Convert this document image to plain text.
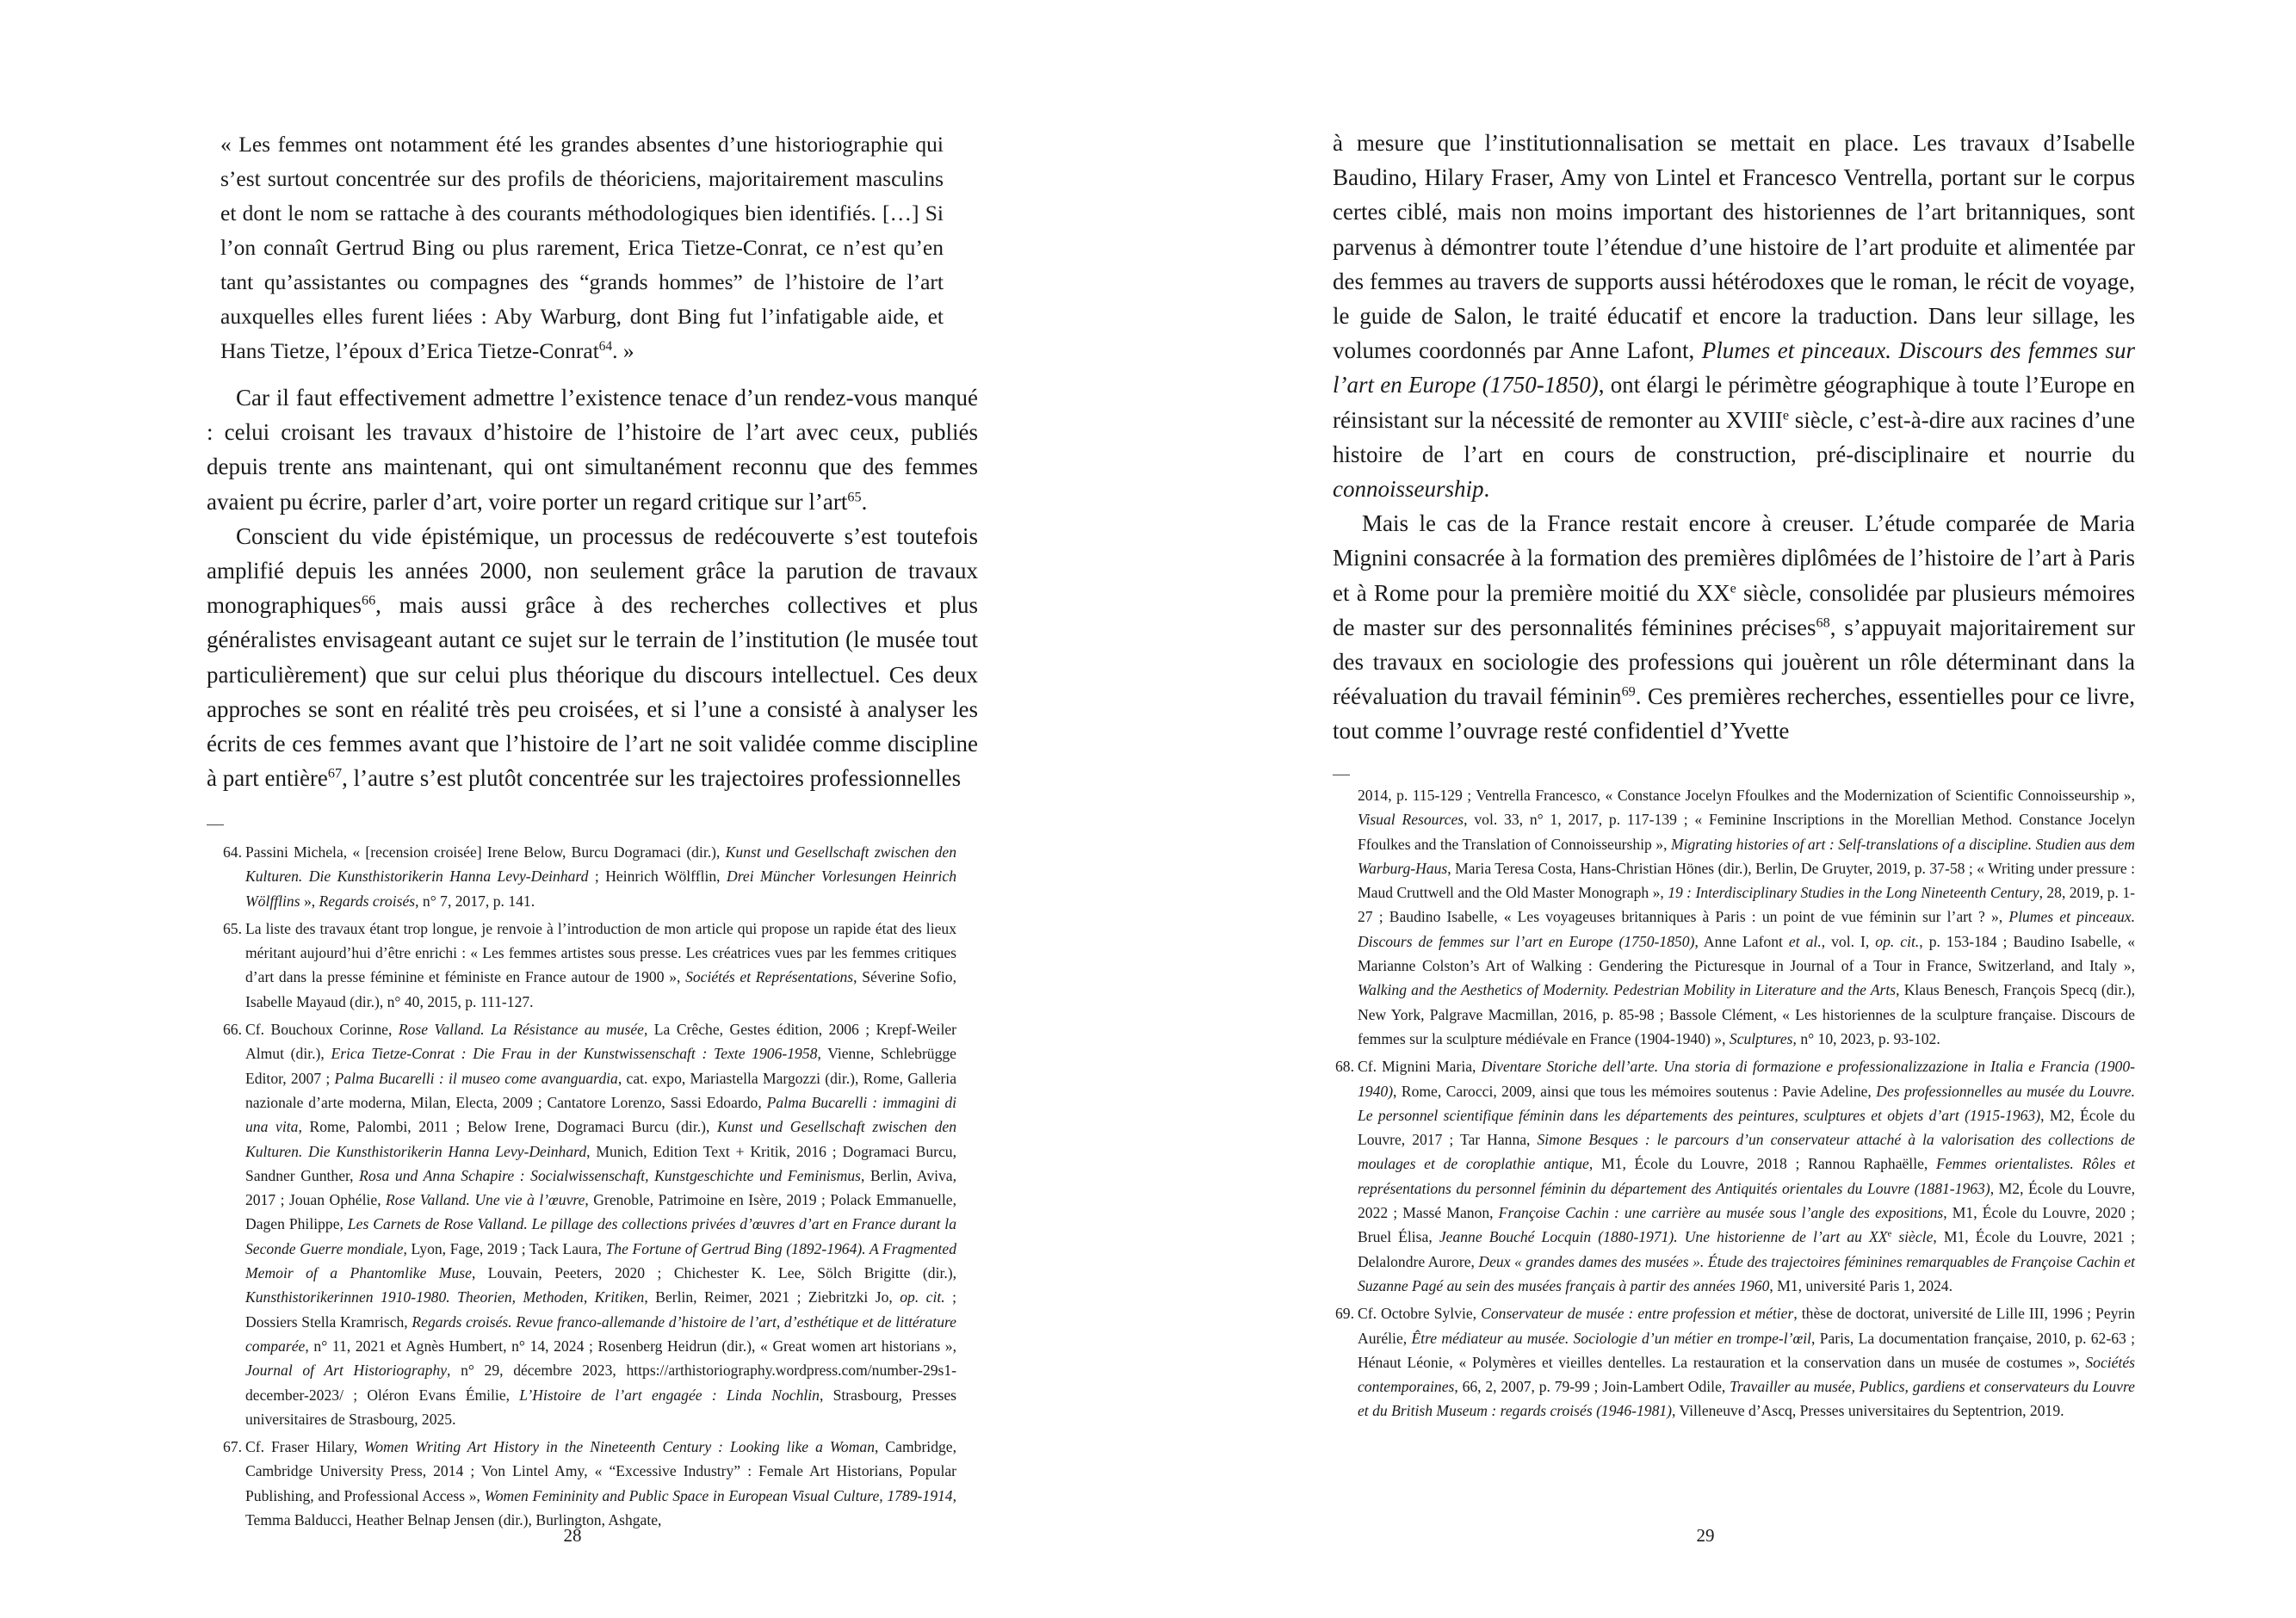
« Les femmes ont notamment été les grandes absentes d’une historiographie qui s’est surtout concentrée sur des profils de théoriciens, majoritairement masculins et dont le nom se rattache à des courants méthodologiques bien identifiés. […] Si l’on connaît Gertrud Bing ou plus rarement, Erica Tietze-Conrat, ce n’est qu’en tant qu’assistantes ou compagnes des “grands hommes” de l’histoire de l’art auxquelles elles furent liées : Aby Warburg, dont Bing fut l’infatigable aide, et Hans Tietze, l’époux d’Erica Tietze-Conrat$^{64}$. »

Car il faut effectivement admettre l’existence tenace d’un rendez-vous manqué : celui croisant les travaux d’histoire de l’histoire de l’art avec ceux, publiés depuis trente ans maintenant, qui ont simultanément reconnu que des femmes avaient pu écrire, parler d’art, voire porter un regard critique sur l’art$^{65}$.

Conscient du vide épistémique, un processus de redécouverte s’est toutefois amplifié depuis les années 2000, non seulement grâce la parution de travaux monographiques$^{66}$, mais aussi grâce à des recherches collectives et plus généralistes envisageant autant ce sujet sur le terrain de l’institution (le musée tout particulièrement) que sur celui plus théorique du discours intellectuel. Ces deux approches se sont en réalité très peu croisées, et si l’une a consisté à analyser les écrits de ces femmes avant que l’histoire de l’art ne soit validée comme discipline à part entière$^{67}$, l’autre s’est plutôt concentrée sur les trajectoires professionnelles

64. Passini Michela, « [recension croisée] Irene Below, Burcu Dogramaci (dir.), Kunst und Gesellschaft zwischen den Kulturen. Die Kunsthistorikerin Hanna Levy-Deinhard ; Heinrich Wölfflin, Drei Müncher Vorlesungen Heinrich Wölfflins », Regards croisés, n° 7, 2017, p. 141.

65. La liste des travaux étant trop longue, je renvoie à l’introduction de mon article qui propose un rapide état des lieux méritant aujourd’hui d’être enrichi : « Les femmes artistes sous presse. Les créatrices vues par les femmes critiques d’art dans la presse féminine et féministe en France autour de 1900 », Sociétés et Représentations, Séverine Sofio, Isabelle Mayaud (dir.), n° 40, 2015, p. 111-127.

66. Cf. Bouchoux Corinne, Rose Valland. La Résistance au musée, La Crêche, Gestes édition, 2006 ; Krepf-Weiler Almut (dir.), Erica Tietze-Conrat : Die Frau in der Kunstwissenschaft : Texte 1906-1958, Vienne, Schlebrügge Editor, 2007 ; Palma Bucarelli : il museo come avanguardia, cat. expo, Mariastella Margozzi (dir.), Rome, Galleria nazionale d’arte moderna, Milan, Electa, 2009 ; Cantatore Lorenzo, Sassi Edoardo, Palma Bucarelli : immagini di una vita, Rome, Palombi, 2011 ; Below Irene, Dogramaci Burcu (dir.), Kunst und Gesellschaft zwischen den Kulturen. Die Kunsthistorikerin Hanna Levy-Deinhard, Munich, Edition Text + Kritik, 2016 ; Dogramaci Burcu, Sandner Gunther, Rosa und Anna Schapire : Socialwissenschaft, Kunstgeschichte und Feminismus, Berlin, Aviva, 2017 ; Jouan Ophélie, Rose Valland. Une vie à l’œuvre, Grenoble, Patrimoine en Isère, 2019 ; Polack Emmanuelle, Dagen Philippe, Les Carnets de Rose Valland. Le pillage des collections privées d’œuvres d’art en France durant la Seconde Guerre mondiale, Lyon, Fage, 2019 ; Tack Laura, The Fortune of Gertrud Bing (1892-1964). A Fragmented Memoir of a Phantomlike Muse, Louvain, Peeters, 2020 ; Chichester K. Lee, Sölch Brigitte (dir.), Kunsthistorikerinnen 1910-1980. Theorien, Methoden, Kritiken, Berlin, Reimer, 2021 ; Ziebritzki Jo, op. cit. ; Dossiers Stella Kramrisch, Regards croisés. Revue franco-allemande d’histoire de l’art, d’esthétique et de littérature comparée, n° 11, 2021 et Agnès Humbert, n° 14, 2024 ; Rosenberg Heidrun (dir.), « Great women art historians », Journal of Art Historiography, n° 29, décembre 2023, https://arthistoriography.wordpress.com/number-29s1-december-2023/ ; Oléron Evans Émilie, L’Histoire de l’art engagée : Linda Nochlin, Strasbourg, Presses universitaires de Strasbourg, 2025.

67. Cf. Fraser Hilary, Women Writing Art History in the Nineteenth Century : Looking like a Woman, Cambridge, Cambridge University Press, 2014 ; Von Lintel Amy, « “Excessive Industry” : Female Art Historians, Popular Publishing, and Professional Access », Women Femininity and Public Space in European Visual Culture, 1789-1914, Temma Balducci, Heather Belnap Jensen (dir.), Burlington, Ashgate,

28

à mesure que l’institutionnalisation se mettait en place. Les travaux d’Isabelle Baudino, Hilary Fraser, Amy von Lintel et Francesco Ventrella, portant sur le corpus certes ciblé, mais non moins important des historiennes de l’art britanniques, sont parvenus à démontrer toute l’étendue d’une histoire de l’art produite et alimentée par des femmes au travers de supports aussi hétérodoxes que le roman, le récit de voyage, le guide de Salon, le traité éducatif et encore la traduction. Dans leur sillage, les volumes coordonnés par Anne Lafont, Plumes et pinceaux. Discours des femmes sur l’art en Europe (1750-1850), ont élargi le périmètre géographique à toute l’Europe en réinsistant sur la nécessité de remonter au XVIIIe siècle, c’est-à-dire aux racines d’une histoire de l’art en cours de construction, pré-disciplinaire et nourrie du connoisseurship.

Mais le cas de la France restait encore à creuser. L’étude comparée de Maria Mignini consacrée à la formation des premières diplômées de l’histoire de l’art à Paris et à Rome pour la première moitié du XXe siècle, consolidée par plusieurs mémoires de master sur des personnalités féminines précises$^{68}$, s’appuyait majoritairement sur des travaux en sociologie des professions qui jouèrent un rôle déterminant dans la réévaluation du travail féminin$^{69}$. Ces premières recherches, essentielles pour ce livre, tout comme l’ouvrage resté confidentiel d’Yvette

2014, p. 115-129 ; Ventrella Francesco, « Constance Jocelyn Ffoulkes and the Modernization of Scientific Connoisseurship », Visual Resources, vol. 33, n° 1, 2017, p. 117-139 ; « Feminine Inscriptions in the Morellian Method. Constance Jocelyn Ffoulkes and the Translation of Connoisseurship », Migrating histories of art : Self-translations of a discipline. Studien aus dem Warburg-Haus, Maria Teresa Costa, Hans-Christian Hönes (dir.), Berlin, De Gruyter, 2019, p. 37-58 ; « Writing under pressure : Maud Cruttwell and the Old Master Monograph », 19 : Interdisciplinary Studies in the Long Nineteenth Century, 28, 2019, p. 1-27 ; Baudino Isabelle, « Les voyageuses britanniques à Paris : un point de vue féminin sur l’art ? », Plumes et pinceaux. Discours de femmes sur l’art en Europe (1750-1850), Anne Lafont et al., vol. I, op. cit., p. 153-184 ; Baudino Isabelle, « Marianne Colston’s Art of Walking : Gendering the Picturesque in Journal of a Tour in France, Switzerland, and Italy », Walking and the Aesthetics of Modernity. Pedestrian Mobility in Literature and the Arts, Klaus Benesch, François Specq (dir.), New York, Palgrave Macmillan, 2016, p. 85-98 ; Bassole Clément, « Les historiennes de la sculpture française. Discours de femmes sur la sculpture médiévale en France (1904-1940) », Sculptures, n° 10, 2023, p. 93-102.

68. Cf. Mignini Maria, Diventare Storiche dell’arte. Una storia di formazione e professionalizzazione in Italia e Francia (1900-1940), Rome, Carocci, 2009, ainsi que tous les mémoires soutenus : Pavie Adeline, Des professionnelles au musée du Louvre. Le personnel scientifique féminin dans les départements des peintures, sculptures et objets d’art (1915-1963), M2, École du Louvre, 2017 ; Tar Hanna, Simone Besques : le parcours d’un conservateur attaché à la valorisation des collections de moulages et de coroplathie antique, M1, École du Louvre, 2018 ; Rannou Raphaëlle, Femmes orientalistes. Rôles et représentations du personnel féminin du département des Antiquités orientales du Louvre (1881-1963), M2, École du Louvre, 2022 ; Massé Manon, Françoise Cachin : une carrière au musée sous l’angle des expositions, M1, École du Louvre, 2020 ; Bruel Élisa, Jeanne Bouché Locquin (1880-1971). Une historienne de l’art au XXe siècle, M1, École du Louvre, 2021 ; Delalondre Aurore, Deux « grandes dames des musées ». Étude des trajectoires féminines remarquables de Françoise Cachin et Suzanne Pagé au sein des musées français à partir des années 1960, M1, université Paris 1, 2024.

69. Cf. Octobre Sylvie, Conservateur de musée : entre profession et métier, thèse de doctorat, université de Lille III, 1996 ; Peyrin Aurélie, Être médiateur au musée. Sociologie d’un métier en trompe-l’œil, Paris, La documentation française, 2010, p. 62-63 ; Hénaut Léonie, « Polymères et vieilles dentelles. La restauration et la conservation dans un musée de costumes », Sociétés contemporaines, 66, 2, 2007, p. 79-99 ; Join-Lambert Odile, Travailler au musée, Publics, gardiens et conservateurs du Louvre et du British Museum : regards croisés (1946-1981), Villeneuve d’Ascq, Presses universitaires du Septentrion, 2019.

29
